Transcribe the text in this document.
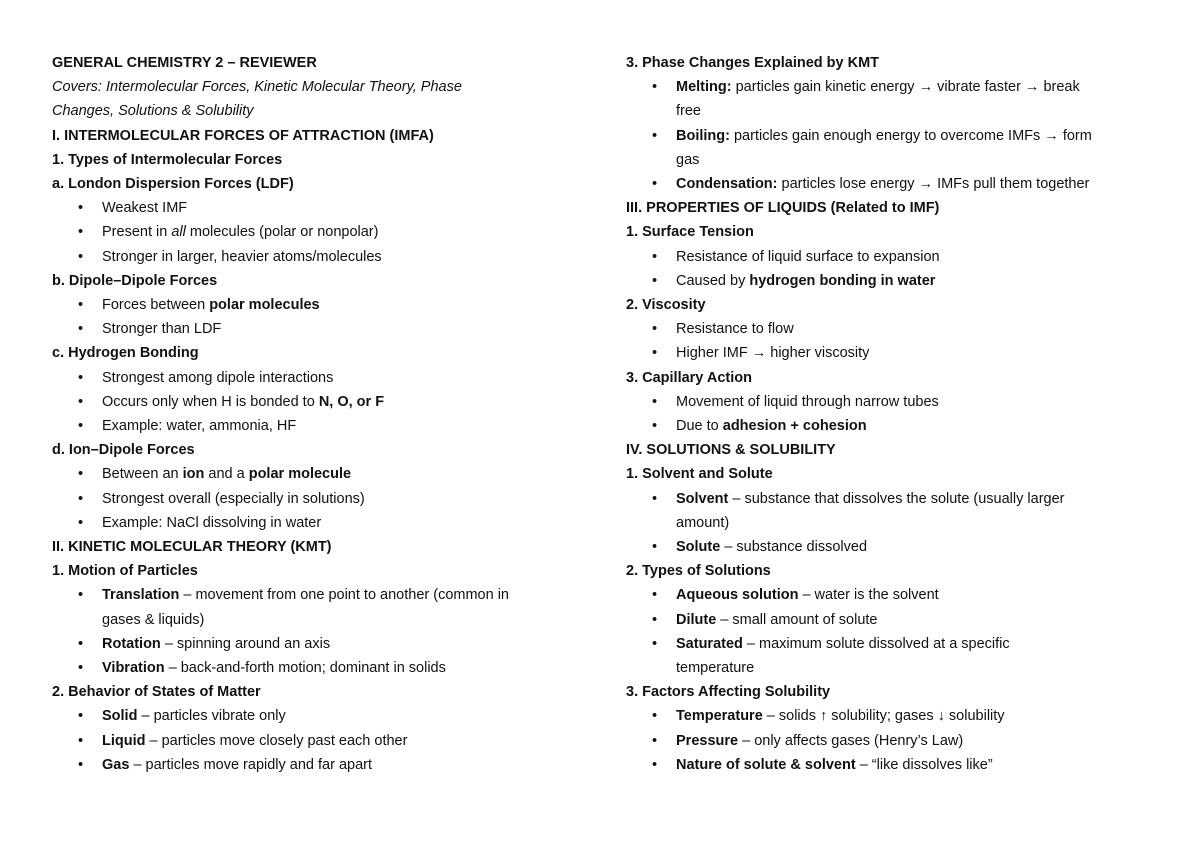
GENERAL CHEMISTRY 2 – REVIEWER
Covers: Intermolecular Forces, Kinetic Molecular Theory, Phase
Changes, Solutions & Solubility
I. INTERMOLECULAR FORCES OF ATTRACTION (IMFA)
1. Types of Intermolecular Forces
a. London Dispersion Forces (LDF)
• Weakest IMF
• Present in all molecules (polar or nonpolar)
• Stronger in larger, heavier atoms/molecules
b. Dipole–Dipole Forces
• Forces between polar molecules
• Stronger than LDF
c. Hydrogen Bonding
• Strongest among dipole interactions
• Occurs only when H is bonded to N, O, or F
• Example: water, ammonia, HF
d. Ion–Dipole Forces
• Between an ion and a polar molecule
• Strongest overall (especially in solutions)
• Example: NaCl dissolving in water
II. KINETIC MOLECULAR THEORY (KMT)
1. Motion of Particles
• Translation – movement from one point to another (common in
gases & liquids)
• Rotation – spinning around an axis
• Vibration – back-and-forth motion; dominant in solids
2. Behavior of States of Matter
• Solid – particles vibrate only
• Liquid – particles move closely past each other
• Gas – particles move rapidly and far apart
3. Phase Changes Explained by KMT
• Melting: particles gain kinetic energy → vibrate faster → break
free
• Boiling: particles gain enough energy to overcome IMFs → form
gas
• Condensation: particles lose energy → IMFs pull them together
III. PROPERTIES OF LIQUIDS (Related to IMF)
1. Surface Tension
• Resistance of liquid surface to expansion
• Caused by hydrogen bonding in water
2. Viscosity
• Resistance to flow
• Higher IMF → higher viscosity
3. Capillary Action
• Movement of liquid through narrow tubes
• Due to adhesion + cohesion
IV. SOLUTIONS & SOLUBILITY
1. Solvent and Solute
• Solvent – substance that dissolves the solute (usually larger
amount)
• Solute – substance dissolved
2. Types of Solutions
• Aqueous solution – water is the solvent
• Dilute – small amount of solute
• Saturated – maximum solute dissolved at a specific
temperature
3. Factors Affecting Solubility
• Temperature – solids ↑ solubility; gases ↓ solubility
• Pressure – only affects gases (Henry’s Law)
• Nature of solute & solvent – “like dissolves like”
